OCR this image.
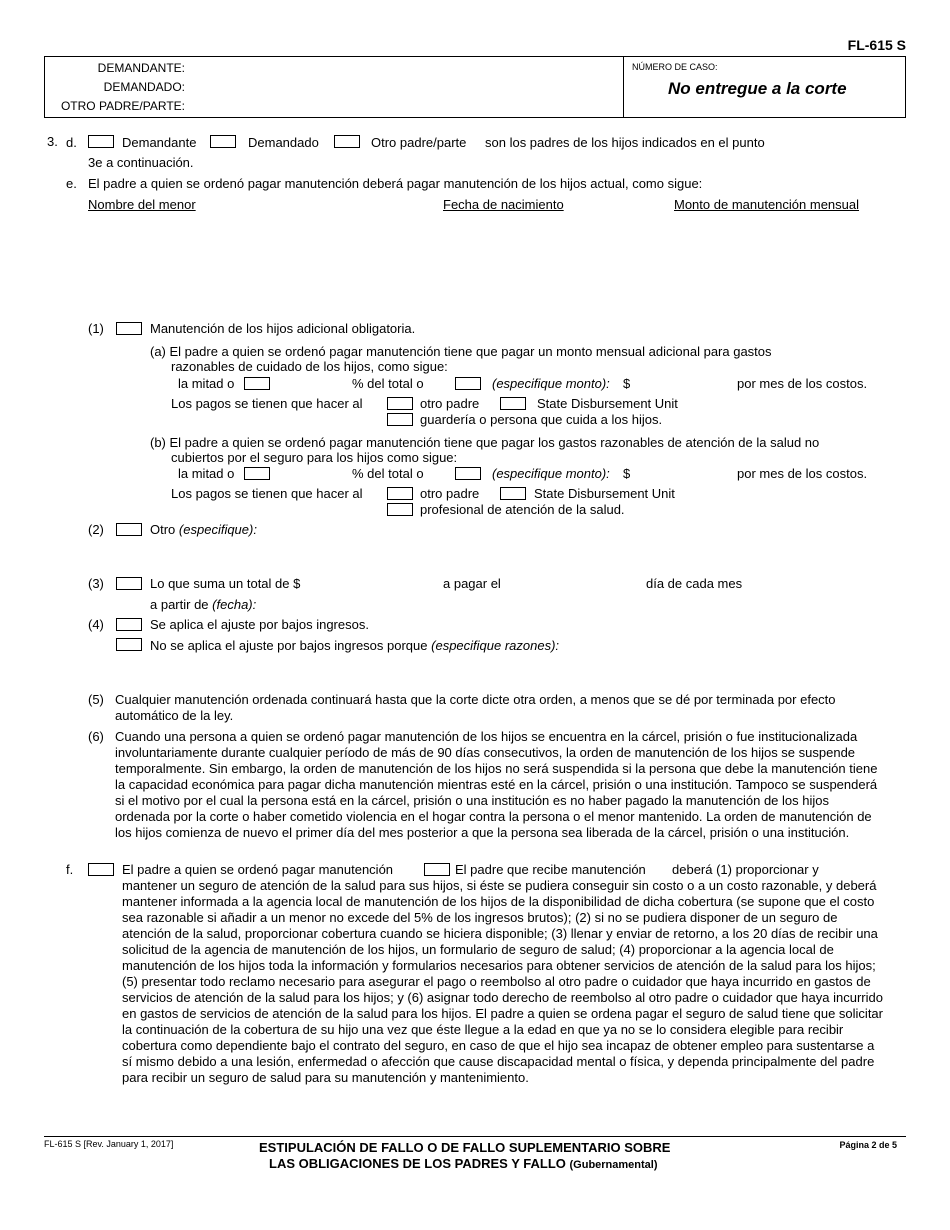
FL-615 S
DEMANDANTE:
DEMANDADO:
OTRO PADRE/PARTE:
NÚMERO DE CASO:
No entregue a la corte
3. d.	Demandante	Demandado	Otro padre/parte son los padres de los hijos indicados en el punto
3e a continuación.
e. El padre a quien se ordenó pagar manutención deberá pagar manutención de los hijos actual, como sigue:
Nombre del menor	Fecha de nacimiento	Monto de manutención mensual
(1)	Manutención de los hijos adicional obligatoria.
(a) El padre a quien se ordenó pagar manutención tiene que pagar un monto mensual adicional para gastos
razonables de cuidado de los hijos, como sigue:
la mitad o	% del total o	(especifique monto): $	por mes de los costos.
Los pagos se tienen que hacer al	otro padre	State Disbursement Unit
guardería o persona que cuida a los hijos.
(b) El padre a quien se ordenó pagar manutención tiene que pagar los gastos razonables de atención de la salud no
cubiertos por el seguro para los hijos como sigue:
la mitad o	% del total o	(especifique monto): $	por mes de los costos.
Los pagos se tienen que hacer al	otro padre	State Disbursement Unit
profesional de atención de la salud.
(2)	Otro (especifique):
(3)	Lo que suma un total de $	a pagar el	día de cada mes
a partir de (fecha):
(4)	Se aplica el ajuste por bajos ingresos.
No se aplica el ajuste por bajos ingresos porque (especifique razones):
(5) Cualquier manutención ordenada continuará hasta que la corte dicte otra orden, a menos que se dé por terminada por efecto automático de la ley.
(6) Cuando una persona a quien se ordenó pagar manutención de los hijos se encuentra en la cárcel, prisión o fue institucionalizada involuntariamente durante cualquier período de más de 90 días consecutivos, la orden de manutención de los hijos se suspende temporalmente. Sin embargo, la orden de manutención de los hijos no será suspendida si la persona que debe la manutención tiene la capacidad económica para pagar dicha manutención mientras esté en la cárcel, prisión o una institución. Tampoco se suspenderá si el motivo por el cual la persona está en la cárcel, prisión o una institución es no haber pagado la manutención de los hijos ordenada por la corte o haber cometido violencia en el hogar contra la persona o el menor mantenido. La orden de manutención de los hijos comienza de nuevo el primer día del mes posterior a que la persona sea liberada de la cárcel, prisión o una institución.
f.	El padre a quien se ordenó pagar manutención	El padre que recibe manutención deberá (1) proporcionar y
mantener un seguro de atención de la salud para sus hijos, si éste se pudiera conseguir sin costo o a un costo razonable, y deberá mantener informada a la agencia local de manutención de los hijos de la disponibilidad de dicha cobertura (se supone que el costo sea razonable si añadir a un menor no excede del 5% de los ingresos brutos); (2) si no se pudiera disponer de un seguro de atención de la salud, proporcionar cobertura cuando se hiciera disponible; (3) llenar y enviar de retorno, a los 20 días de recibir una solicitud de la agencia de manutención de los hijos, un formulario de seguro de salud; (4) proporcionar a la agencia local de manutención de los hijos toda la información y formularios necesarios para obtener servicios de atención de la salud para los hijos; (5) presentar todo reclamo necesario para asegurar el pago o reembolso al otro padre o cuidador que haya incurrido en gastos de servicios de atención de la salud para los hijos; y (6) asignar todo derecho de reembolso al otro padre o cuidador que haya incurrido en gastos de servicios de atención de la salud para los hijos. El padre a quien se ordena pagar el seguro de salud tiene que solicitar la continuación de la cobertura de su hijo una vez que éste llegue a la edad en que ya no se lo considera elegible para recibir cobertura como dependiente bajo el contrato del seguro, en caso de que el hijo sea incapaz de obtener empleo para sustentarse a sí mismo debido a una lesión, enfermedad o afección que cause discapacidad mental o física, y dependa principalmente del padre para recibir un seguro de salud para su manutención y mantenimiento.
FL-615 S [Rev. January 1, 2017]	ESTIPULACIÓN DE FALLO O DE FALLO SUPLEMENTARIO SOBRE
LAS OBLIGACIONES DE LOS PADRES Y FALLO (Gubernamental)
Página 2 de 5
